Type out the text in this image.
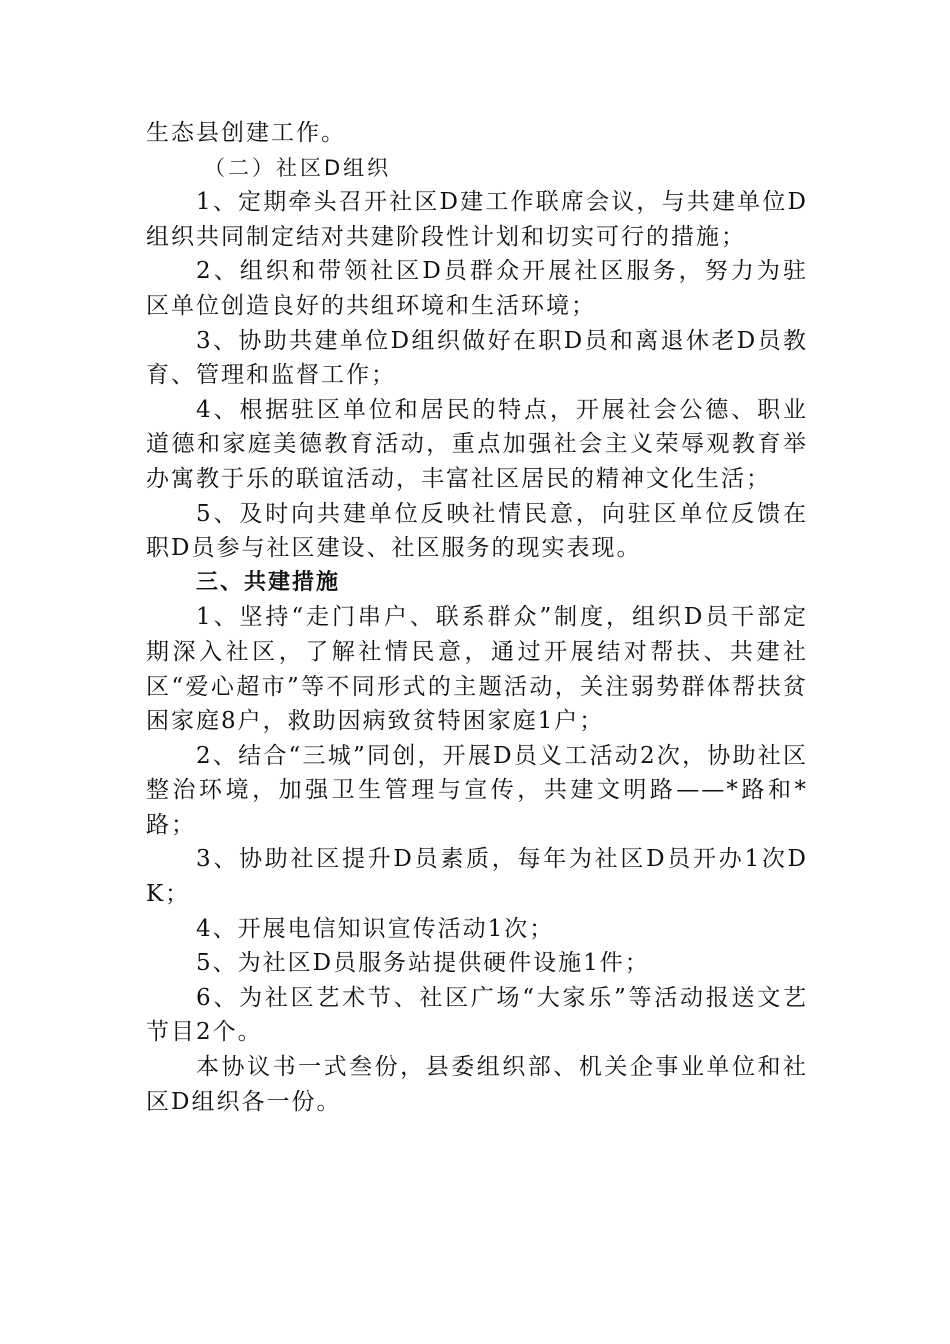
生态县创建工作。

（二）社区D组织

1、定期牵头召开社区D建工作联席会议，与共建单位D组织共同制定结对共建阶段性计划和切实可行的措施；

2、组织和带领社区D员群众开展社区服务，努力为驻区单位创造良好的共组环境和生活环境；

3、协助共建单位D组织做好在职D员和离退休老D员教育、管理和监督工作；

4、根据驻区单位和居民的特点，开展社会公德、职业道德和家庭美德教育活动，重点加强社会主义荣辱观教育举办寓教于乐的联谊活动，丰富社区居民的精神文化生活；

5、及时向共建单位反映社情民意，向驻区单位反馈在职D员参与社区建设、社区服务的现实表现。

三、共建措施

1、坚持“走门串户、联系群众”制度，组织D员干部定期深入社区，了解社情民意，通过开展结对帮扶、共建社区“爱心超市”等不同形式的主题活动，关注弱势群体帮扶贫困家庭8户，救助因病致贫特困家庭1户；

2、结合“三城”同创，开展D员义工活动2次，协助社区整治环境，加强卫生管理与宣传，共建文明路——*路和*路；

3、协助社区提升D员素质，每年为社区D员开办1次DK；

4、开展电信知识宣传活动1次；

5、为社区D员服务站提供硬件设施1件；

6、为社区艺术节、社区广场“大家乐”等活动报送文艺节目2个。

本协议书一式叁份，县委组织部、机关企事业单位和社区D组织各一份。
